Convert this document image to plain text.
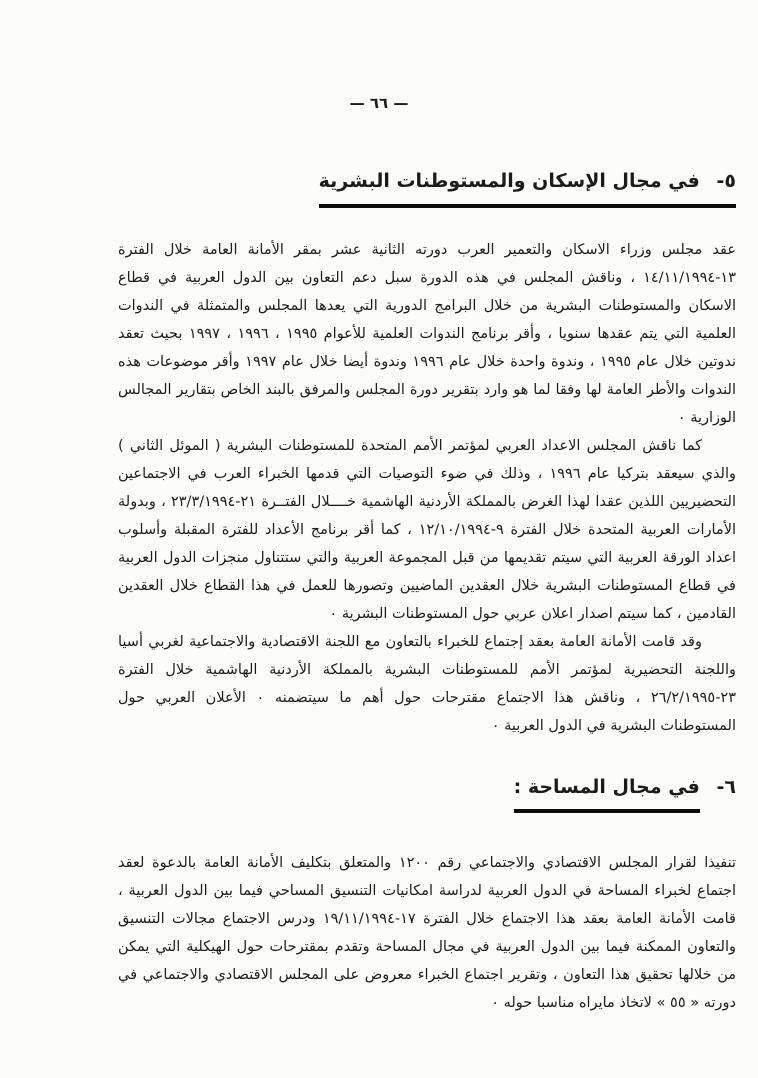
— ٦٦ —
٥- في مجال الإسكان والمستوطنات البشرية

عقد مجلس وزراء الاسكان والتعمير العرب دورته الثانية عشر بمقر الأمانة العامة خلال الفترة ١٣-١٤/١١/١٩٩٤ ، وناقش المجلس في هذه الدورة سبل دعم التعاون بين الدول العربية في قطاع الاسكان والمستوطنات البشرية من خلال البرامج الدورية التي يعدها المجلس والمتمثلة في الندوات العلمية التي يتم عقدها سنويا ، وأقر برنامج الندوات العلمية للأعوام ١٩٩٥ ، ١٩٩٦ ، ١٩٩٧ بحيث تعقد ندوتين خلال عام ١٩٩٥ ، وندوة واحدة خلال عام ١٩٩٦ وندوة أيضا خلال عام ١٩٩٧ وأقر موضوعات هذه الندوات والأطر العامة لها وفقا لما هو وارد بتقرير دورة المجلس والمرفق بالبند الخاص بتقارير المجالس الوزارية ٠

كما ناقش المجلس الاعداد العربي لمؤتمر الأمم المتحدة للمستوطنات البشرية ( الموئل الثاني ) والذي سيعقد بتركيا عام ١٩٩٦ ، وذلك في ضوء التوصيات التي قدمها الخبراء العرب في الاجتماعين التحضيريين اللذين عقدا لهذا الغرض بالمملكة الأردنية الهاشمية خــــلال الفتــرة ٢١-٢٣/٣/١٩٩٤ ، وبدولة الأمارات العربية المتحدة خلال الفترة ٩-١٢/١٠/١٩٩٤ ، كما أقر برنامج الأعداد للفترة المقبلة وأسلوب اعداد الورقة العربية التي سيتم تقديمها من قبل المجموعة العربية والتي ستتناول منجزات الدول العربية في قطاع المستوطنات البشرية خلال العقدين الماضيين وتصورها للعمل في هذا القطاع خلال العقدين القادمين ، كما سيتم اصدار اعلان عربي حول المستوطنات البشرية ٠

وقد قامت الأمانة العامة بعقد إجتماع للخبراء بالتعاون مع اللجنة الاقتصادية والاجتماعية لغربي أسيا واللجنة التحضيرية لمؤتمر الأمم للمستوطنات البشرية بالمملكة الأردنية الهاشمية خلال الفترة ٢٣-٢٦/٢/١٩٩٥ ، وناقش هذا الاجتماع مقترحات حول أهم ما سيتضمنه ٠ الأعلان العربي حول المستوطنات البشرية في الدول العربية ٠

٦- في مجال المساحة :

تنفيذا لقرار المجلس الاقتصادي والاجتماعي رقم ١٢٠٠ والمتعلق بتكليف الأمانة العامة بالدعوة لعقد اجتماع لخبراء المساحة في الدول العربية لدراسة امكانيات التنسيق المساحي فيما بين الدول العربية ، قامت الأمانة العامة بعقد هذا الاجتماع خلال الفترة ١٧-١٩/١١/١٩٩٤ ودرس الاجتماع مجالات التنسيق والتعاون الممكنة فيما بين الدول العربية في مجال المساحة وتقدم بمقترحات حول الهيكلية التي يمكن من خلالها تحقيق هذا التعاون ، وتقرير اجتماع الخبراء معروض على المجلس الاقتصادي والاجتماعي في دورته « ٥٥ » لاتخاذ مايراه مناسبا حوله ٠
